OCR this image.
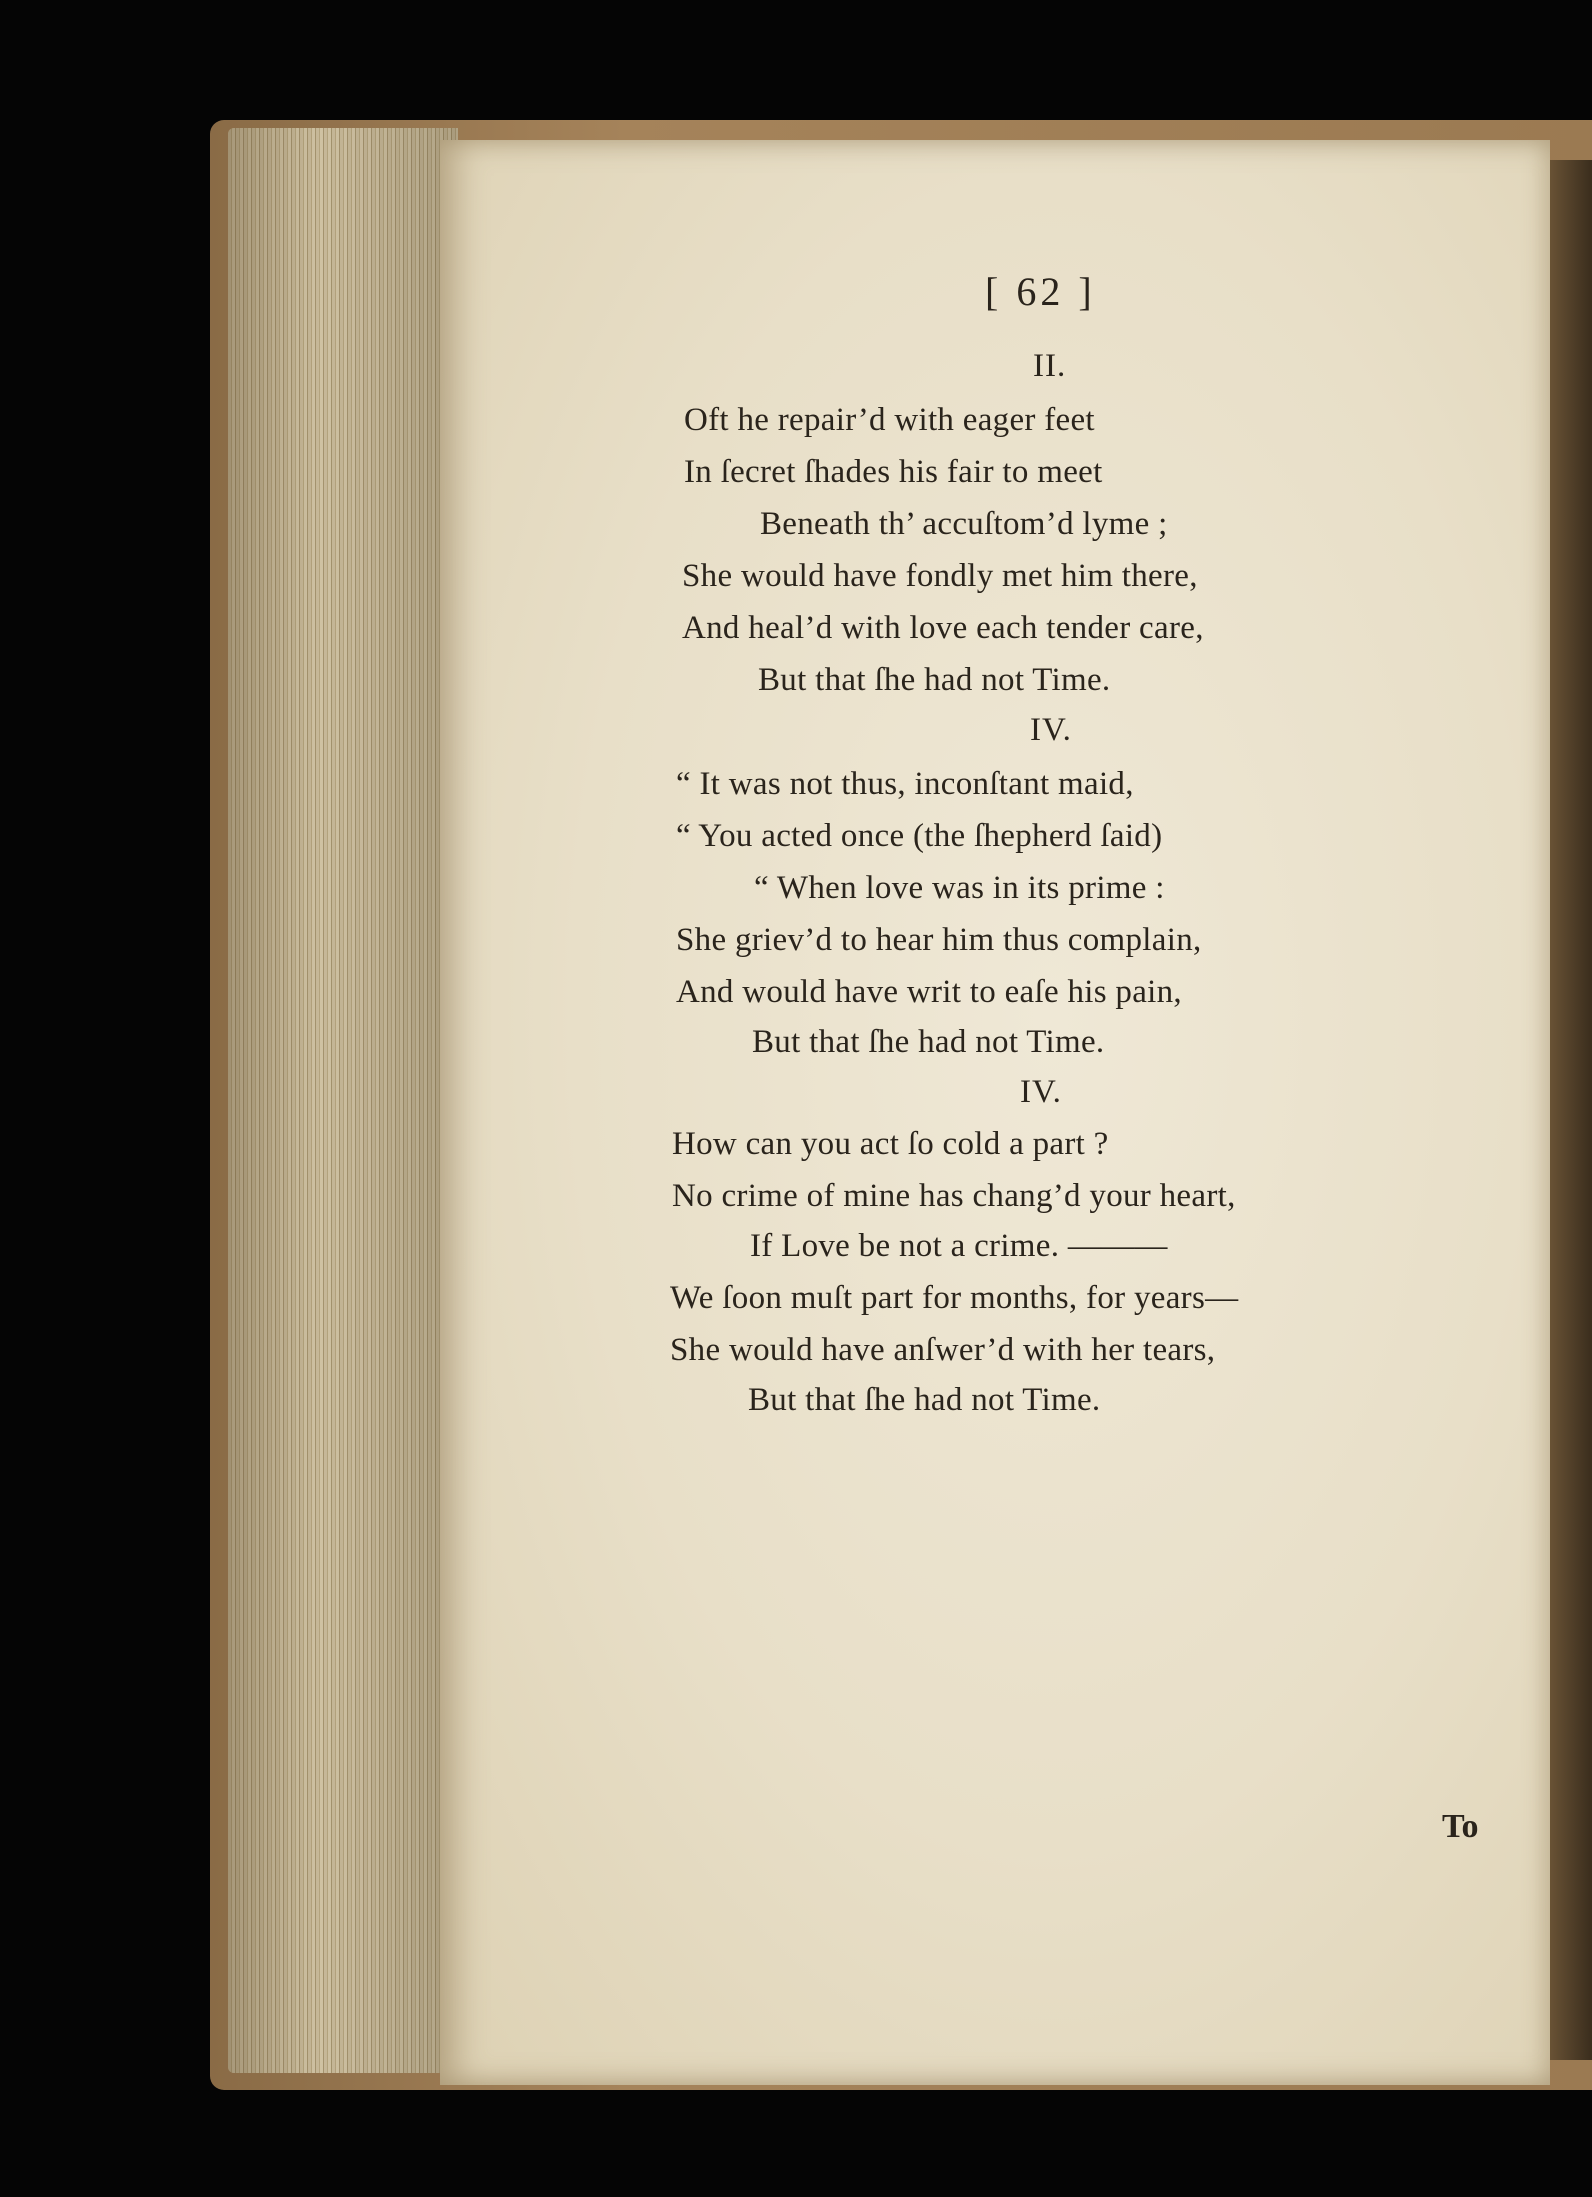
[ 62 ]
II.
Oft he repair’d with eager feet
In ſecret ſhades his fair to meet
Beneath th’ accuſtom’d lyme ;
She would have fondly met him there,
And heal’d with love each tender care,
But that ſhe had not Time.
IV.
“ It was not thus, inconſtant maid,
“ You acted once (the ſhepherd ſaid)
“ When love was in its prime :
She griev’d to hear him thus complain,
And would have writ to eaſe his pain,
But that ſhe had not Time.
IV.
How can you act ſo cold a part ?
No crime of mine has chang’d your heart,
If Love be not a crime. ———
We ſoon muſt part for months, for years—
She would have anſwer’d with her tears,
But that ſhe had not Time.
To
